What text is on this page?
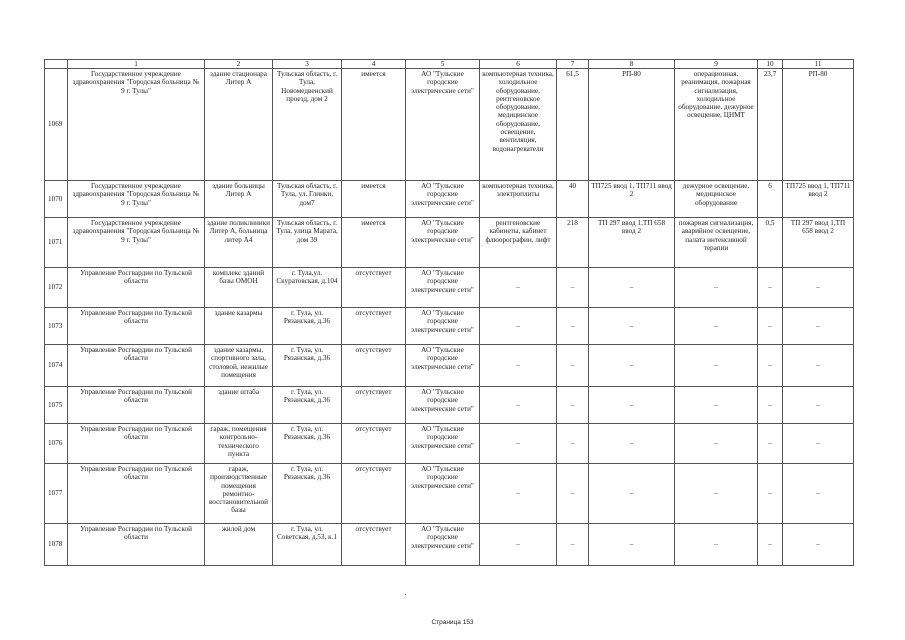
	1	2	3	4	5	6	7	8	9	10	11
1069	Государственное учреждение здравоохранения "Городская больница № 9 г. Тулы"	здание стационара Литер А	Тульская область, г. Тула, Новомедвенский проезд, дом 2	имеется	АО "Тульские городские электрические сети"	компьютерная техника, холодильное оборудование, рентгеновское оборудование, медицинское оборудование, освещение, вентиляция, водонагреватели	61,5	РП-80	операционная, реанимация, пожарная сигнализация, холодильное оборудование, дежурное освещение, ЦНМТ	23,7	РП-80
1070	Государственное учреждение здравоохранения "Городская больница № 9 г. Тулы"	здание больницы Литер А	Тульская область, г. Тула, ул. Глинки, дом7	имеется	АО "Тульские городские электрические сети"	компьютерная техника, электроплиты	40	ТП725 ввод 1, ТП711 ввод 2	дежурное освещение, медицинское оборудование	6	ТП725 ввод 1, ТП711 ввод 2
1071	Государственное учреждение здравоохранения "Городская больница № 9 г. Тулы"	здание поликлиники Литер А, больница литер А4	Тульская область, г. Тула, улица Марата, дом 39	имеется	АО "Тульские городские электрические сети"	рентгеновские кабинеты, кабинет флюорографии, лифт	218	ТП 297 ввод 1,ТП 658 ввод 2	пожарная сигнализация, аварийное освещение, палата интенсивной терапии	0,5	ТП 297 ввод 1,ТП 658 ввод 2
1072	Управление Росгвардии по Тульской области	комплекс зданий базы ОМОН	г. Тула,ул. Скуратовская, д.104	отсутствует	АО "Тульские городские электрические сети"	–	–	–	–	–	–
1073	Управление Росгвардии по Тульской области	здание казармы	г. Тула, ул. Рязанская, д.36	отсутствует	АО "Тульские городские электрические сети"	–	–	–	–	–	–
1074	Управление Росгвардии по Тульской области	здание казармы, спортивного зала, столовой, нежилые помещения	г. Тула, ул. Рязанская, д.36	отсутствует	АО "Тульские городские электрические сети"	–	–	–	–	–	–
1075	Управление Росгвардии по Тульской области	здание штаба	г. Тула, ул. Рязанская, д.36	отсутствует	АО "Тульские городские электрические сети"	–	–	–	–	–	–
1076	Управление Росгвардии по Тульской области	гараж, помещения контрольно-технического пункта	г. Тула, ул. Рязанская, д.36	отсутствует	АО "Тульские городские электрические сети"	–	–	–	–	–	–
1077	Управление Росгвардии по Тульской области	гараж, производственные помещения ремонтно-восстановительной базы	г. Тула, ул. Рязанская, д.36	отсутствует	АО "Тульские городские электрические сети"	–	–	–	–	–	–
1078	Управление Росгвардии по Тульской области	жилой дом	г. Тула, ул. Советская, д.53, к.1	отсутствует	АО "Тульские городские электрические сети"	–	–	–	–	–	–
Страница 153
